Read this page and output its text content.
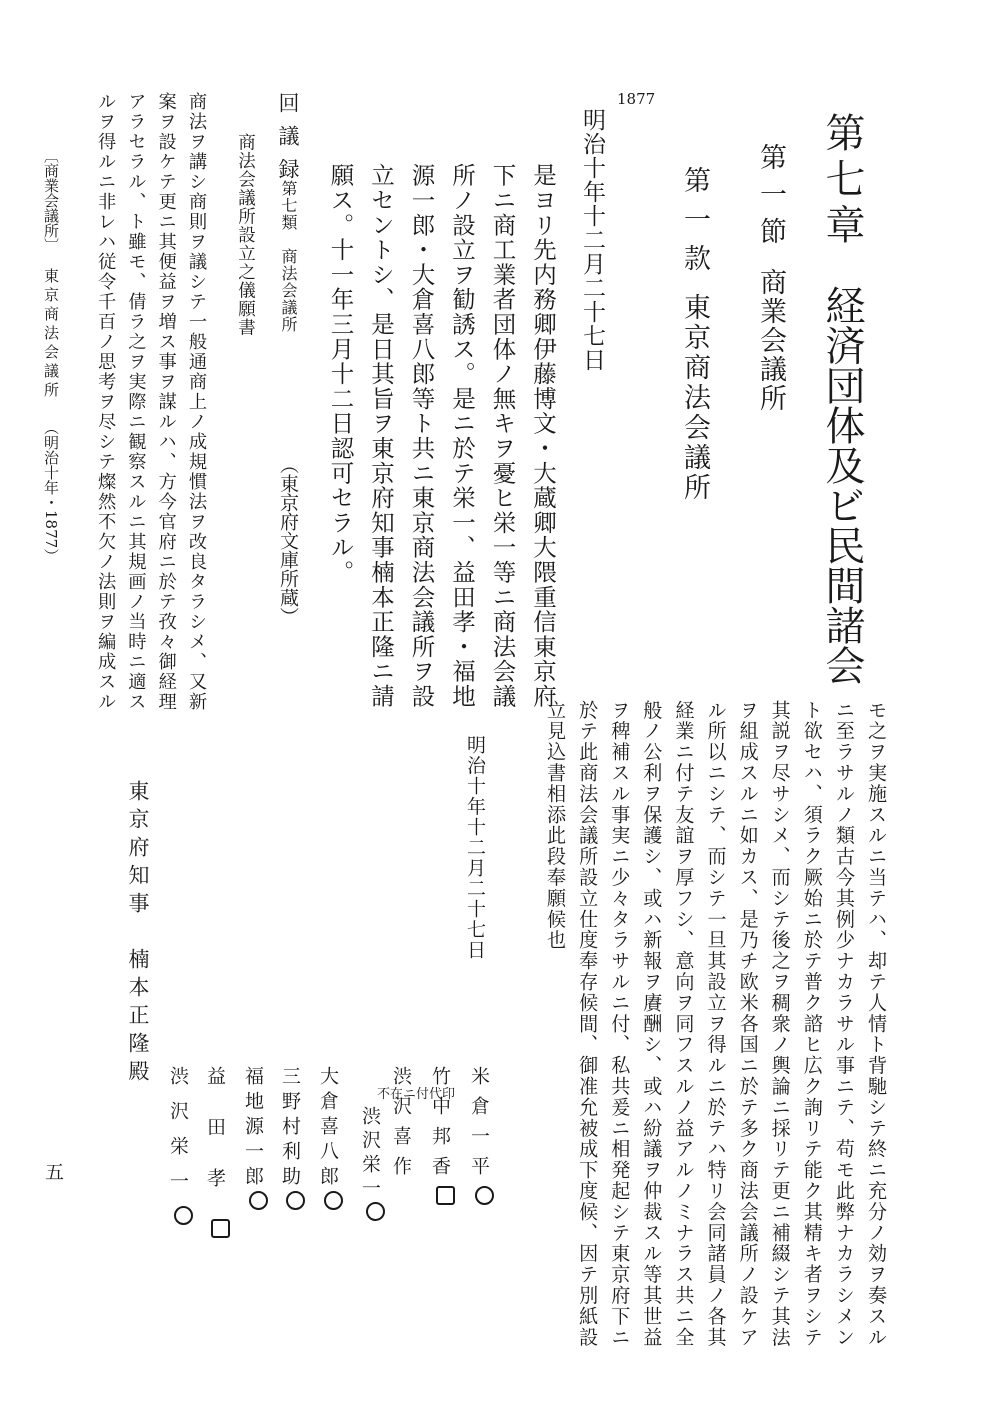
第七章
経済団体及ビ民間諸会
第一節
商業会議所
第一款
東京商法会議所
1877
明治十年十二月二十七日
是ヨリ先内務卿伊藤博文・大蔵卿大隈重信東京府
下ニ商工業者団体ノ無キヲ憂ヒ栄一等ニ商法会議
所ノ設立ヲ勧誘ス。是ニ於テ栄一、益田孝・福地
源一郎・大倉喜八郎等ト共ニ東京商法会議所ヲ設
立セントシ、是日其旨ヲ東京府知事楠本正隆ニ請
願ス。十一年三月十二日認可セラル。
（東京府文庫所蔵）
回議録
第七類　商法会議所
商法会議所設立之儀願書
商法ヲ講シ商則ヲ議シテ一般通商上ノ成規慣法ヲ改良タラシメ、又新
案ヲ設ケテ更ニ其便益ヲ増ス事ヲ謀ルハ、方今官府ニ於テ孜々御経理
アラセラル、ト雖モ、倩ラ之ヲ実際ニ観察スルニ其規画ノ当時ニ適ス
ルヲ得ルニ非レハ従令千百ノ思考ヲ尽シテ燦然不欠ノ法則ヲ編成スル
〔商業会議所〕
東京商法会議所
（明治十年・1877）
モ之ヲ実施スルニ当テハ、却テ人情ト背馳シテ終ニ充分ノ効ヲ奏スル
ニ至ラサルノ類古今其例少ナカラサル事ニテ、苟モ此弊ナカラシメン
ト欲セハ、須ラク厥始ニ於テ普ク諮ヒ広ク詢リテ能ク其精キ者ヲシテ
其説ヲ尽サシメ、而シテ後之ヲ稠衆ノ輿論ニ採リテ更ニ補綴シテ其法
ヲ組成スルニ如カス、是乃チ欧米各国ニ於テ多ク商法会議所ノ設ケア
ル所以ニシテ、而シテ一旦其設立ヲ得ルニ於テハ特リ会同諸員ノ各其
経業ニ付テ友誼ヲ厚フシ、意向ヲ同フスルノ益アルノミナラス共ニ全
般ノ公利ヲ保護シ、或ハ新報ヲ賡酬シ、或ハ紛議ヲ仲裁スル等其世益
ヲ稗補スル事実ニ少々タラサルニ付、私共爰ニ相発起シテ東京府下ニ
於テ此商法会議所設立仕度奉存候間、御准允被成下度候、因テ別紙設
立見込書相添此段奉願候也
明治十年十二月二十七日
米倉一平
竹中邦香
渋沢喜作
不在ニ付代印
渋沢栄一
大倉喜八郎
三野村利助
福地源一郎
益田孝
渋沢栄一
東京府知事　楠本正隆殿
五
